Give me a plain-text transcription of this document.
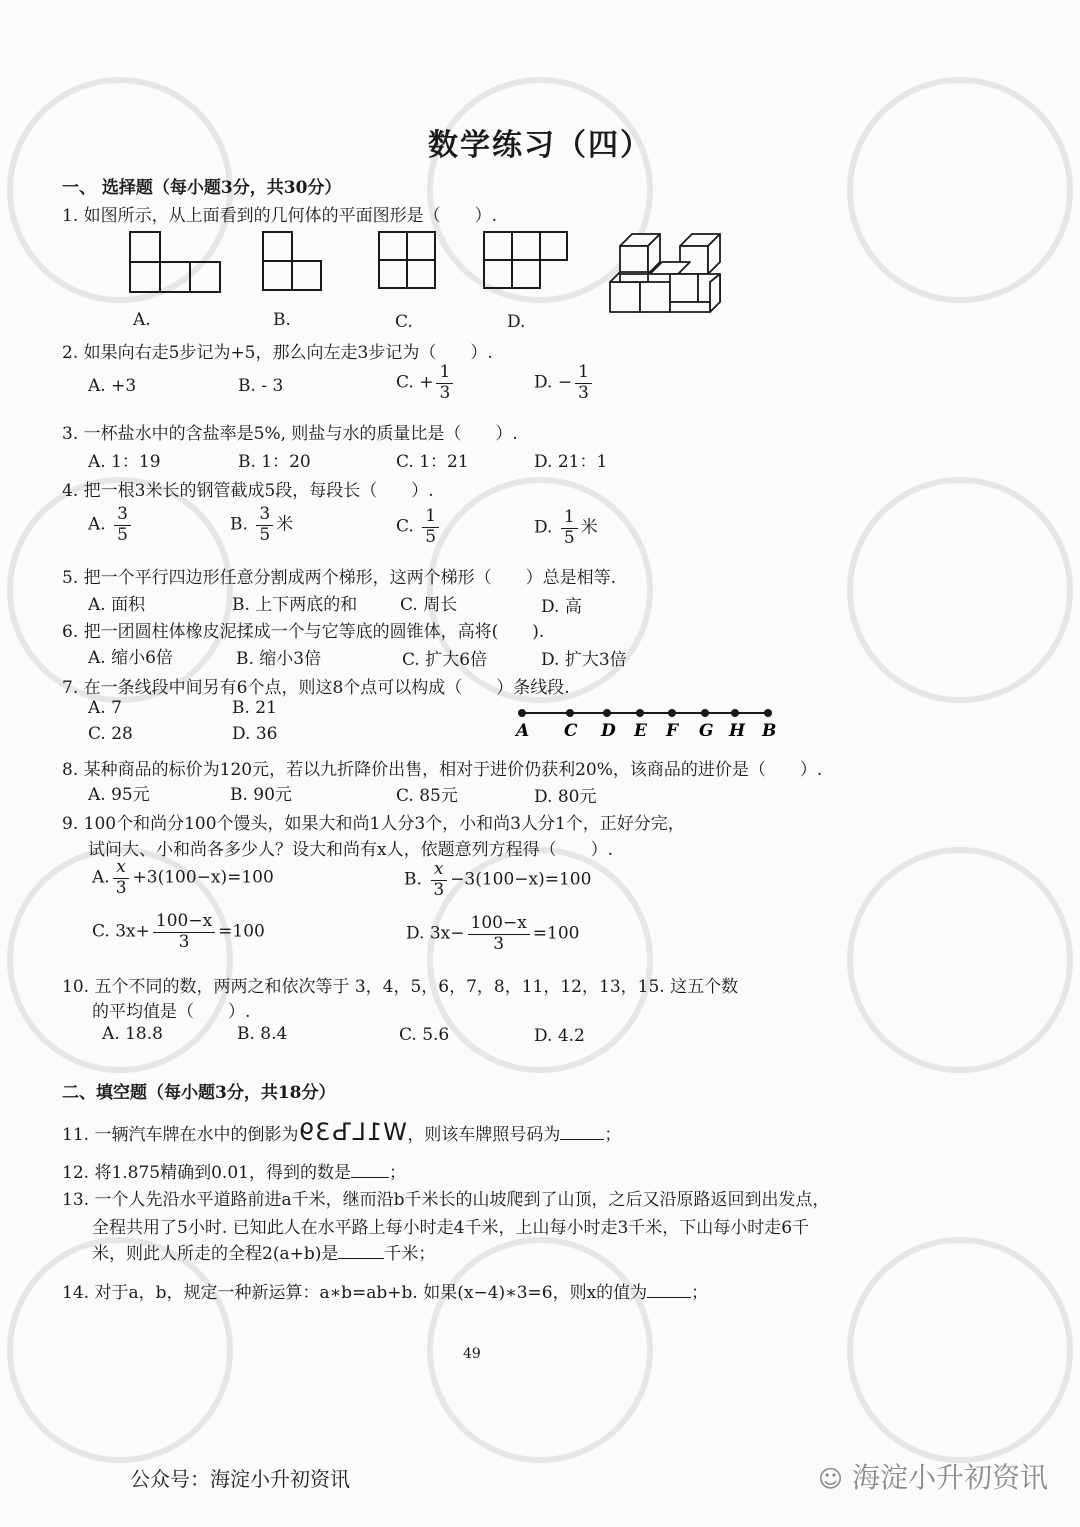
数学练习（四）
一、 选择题（每小题3分，共30分）
1. 如图所示，从上面看到的几何体的平面图形是（　　）.
A.	B.	C.	D.
2. 如果向右走5步记为+5，那么向左走3步记为（　　）.
A. +3	B. - 3	C. + $\frac{1}{3}$	D. − $\frac{1}{3}$
3. 一杯盐水中的含盐率是5%, 则盐与水的质量比是（　　）.
A. 1：19	B. 1：20	C. 1：21	D. 21：1
4. 把一根3米长的钢管截成5段，每段长（　　）.
A. $\frac{3}{5}$	B. $\frac{3}{5}$ 米	C. $\frac{1}{5}$	D. $\frac{1}{5}$ 米
5. 把一个平行四边形任意分割成两个梯形，这两个梯形（　　）总是相等.
A. 面积	B. 上下两底的和	C. 周长	D. 高
6. 把一团圆柱体橡皮泥揉成一个与它等底的圆锥体，高将(　　).
A. 缩小6倍	B. 缩小3倍	C. 扩大6倍	D. 扩大3倍
7. 在一条线段中间另有6个点，则这8个点可以构成（　　）条线段.
A. 7	B. 21
C. 28	D. 36	A C D E F G H B
8. 某种商品的标价为120元，若以九折降价出售，相对于进价仍获利20%，该商品的进价是（　　）.
A. 95元	B. 90元	C. 85元	D. 80元
9. 100个和尚分100个馒头，如果大和尚1人分3个，小和尚3人分1个，正好分完，
试问大、小和尚各多少人？设大和尚有x人，依题意列方程得（　　）.
A. $\frac{x}{3} +3(100-x)=100$	B. $\frac{x}{3} -3(100-x)=100$
C. $3x+ \frac{100-x}{3} =100$	D. $3x- \frac{100-x}{3} =100$
10. 五个不同的数，两两之和依次等于 3，4，5，6，7，8，11，12，13，15. 这五个数
的平均值是（　　）.
A. 18.8	B. 8.4	C. 5.6	D. 4.2
二、填空题（每小题3分，共18分）
11. 一辆汽车牌在水中的倒影为W1LЪ39，则该车牌照号码为	；
12. 将1.875精确到0.01，得到的数是 ；
13. 一个人先沿水平道路前进a千米，继而沿b千米长的山坡爬到了山顶，之后又沿原路返回到出发点，
全程共用了5小时. 已知此人在水平路上每小时走4千米，上山每小时走3千米，下山每小时走6千
米，则此人所走的全程2(a+b)是	千米；
14. 对于a，b，规定一种新运算：a∗b=ab+b. 如果(x−4)∗3=6，则x的值为	；
49
公众号：海淀小升初资讯	☺ 海淀小升初资讯
